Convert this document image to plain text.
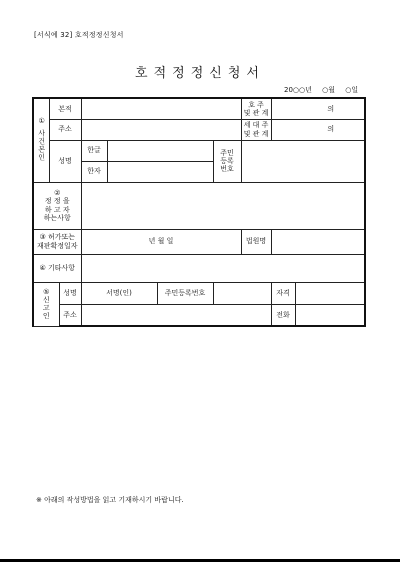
[서식예 32] 호적정정신청서
호적정정신청서
20○○년 ○월 ○일
① 사건본인	본적						호 주
및 관 계	의	
	주소						세 대 주
및 관 계	의	
	성명		한글			주민
등록
번호			
			한자						
②
정 정 을
하 고 자
하는사항									
③ 허가또는
재판확정일자			년 월 일				법원명		
④ 기타사항									
⑤
신
고
인		성명	서명(인)		주민등록번호			자격	
		주소						전화	
※ 아래의 작성방법을 읽고 기재하시기 바랍니다.
